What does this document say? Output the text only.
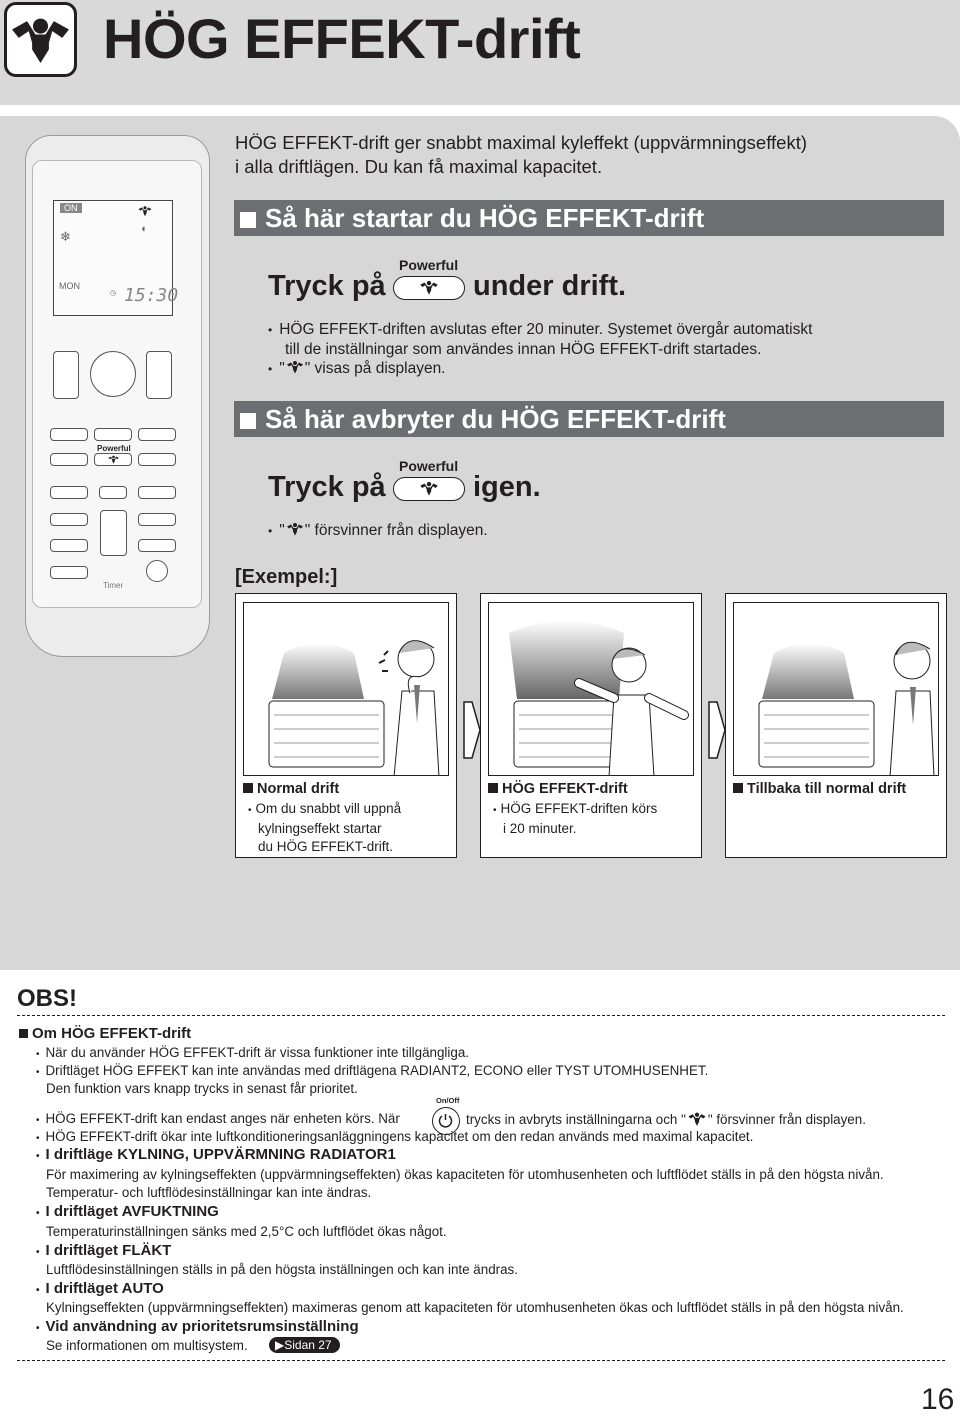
HÖG EFFEKT-drift
ON
❄	◖
MON
◷ 15:30
Powerful
Timer
HÖG EFFEKT-drift ger snabbt maximal kyleffekt (uppvärmningseffekt)
i alla driftlägen. Du kan få maximal kapacitet.
Så här startar du HÖG EFFEKT-drift
Tryck på
Powerful
under drift.
• HÖG EFFEKT-driften avslutas efter 20 minuter. Systemet övergår automatiskt
till de inställningar som användes innan HÖG EFFEKT-drift startades.
• " " visas på displayen.
Så här avbryter du HÖG EFFEKT-drift
Tryck på
Powerful
igen.
• " " försvinner från displayen.
[Exempel:]
Normal drift
• Om du snabbt vill uppnå
kylningseffekt startar
du HÖG EFFEKT-drift.
HÖG EFFEKT-drift
• HÖG EFFEKT-driften körs
i 20 minuter.
Tillbaka till normal drift
OBS!
Om HÖG EFFEKT-drift
• När du använder HÖG EFFEKT-drift är vissa funktioner inte tillgängliga.
• Driftläget HÖG EFFEKT kan inte användas med driftlägena RADIANT2, ECONO eller TYST UTOMHUSENHET.
Den funktion vars knapp trycks in senast får prioritet.
On/Off
• HÖG EFFEKT-drift kan endast anges när enheten körs. När	trycks in avbryts inställningarna och " " försvinner från displayen.
• HÖG EFFEKT-drift ökar inte luftkonditioneringsanläggningens kapacitet om den redan används med maximal kapacitet.
• I driftläge KYLNING, UPPVÄRMNING RADIATOR1
För maximering av kylningseffekten (uppvärmningseffekten) ökas kapaciteten för utomhusenheten och luftflödet ställs in på den högsta nivån.
Temperatur- och luftflödesinställningar kan inte ändras.
• I driftläget AVFUKTNING
Temperaturinställningen sänks med 2,5°C och luftflödet ökas något.
• I driftläget FLÄKT
Luftflödesinställningen ställs in på den högsta inställningen och kan inte ändras.
• I driftläget AUTO
Kylningseffekten (uppvärmningseffekten) maximeras genom att kapaciteten för utomhusenheten ökas och luftflödet ställs in på den högsta nivån.
• Vid användning av prioritetsrumsinställning
Se informationen om multisystem.	▶Sidan 27
16
